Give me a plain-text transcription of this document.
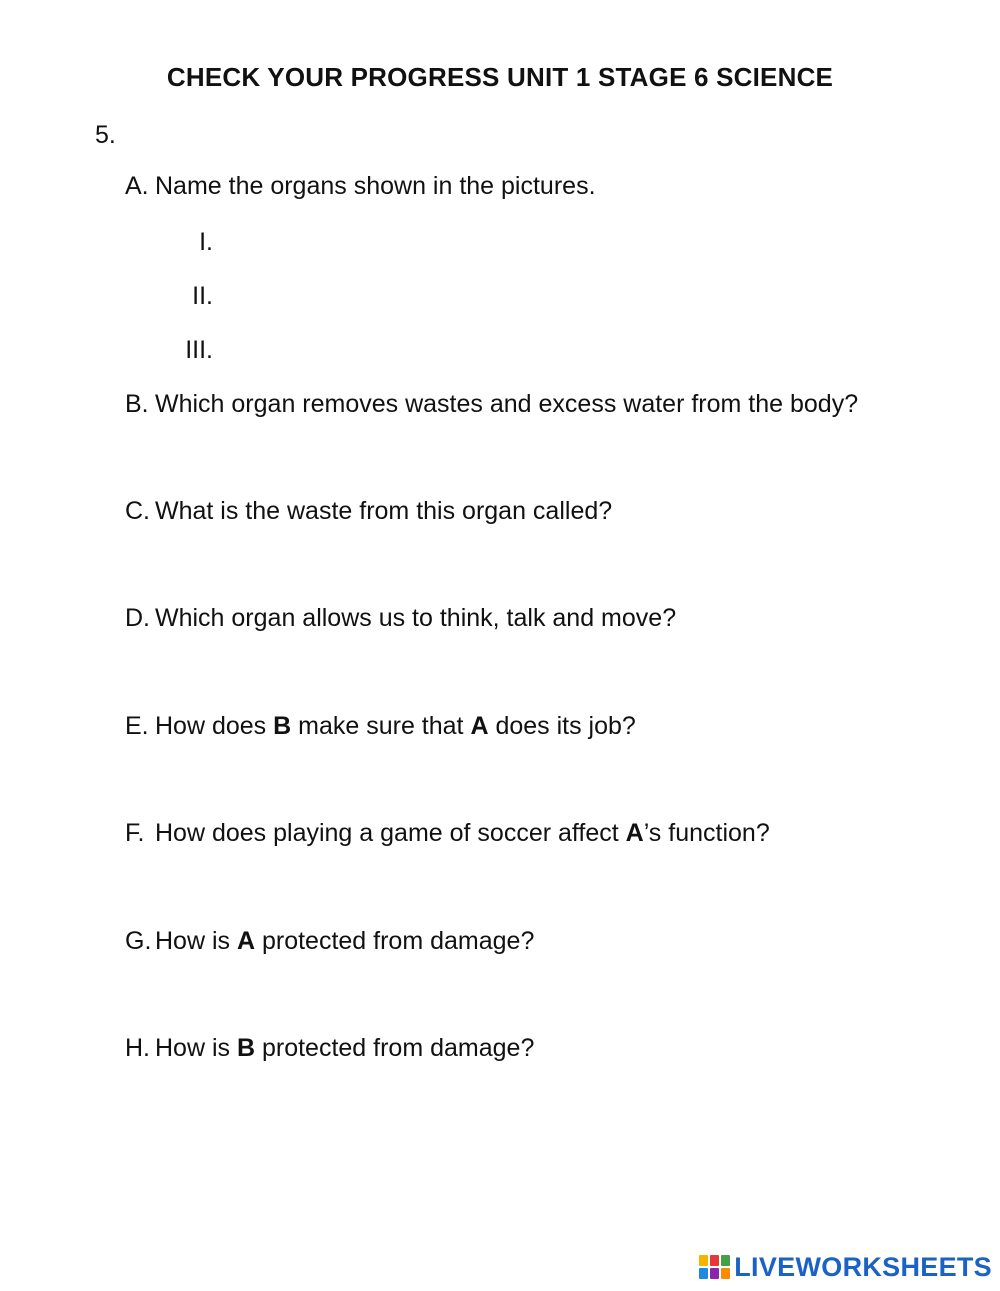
CHECK YOUR PROGRESS UNIT 1 STAGE 6 SCIENCE
5.
A. Name the organs shown in the pictures.
I.
II.
III.
B. Which organ removes wastes and excess water from the body?
C. What is the waste from this organ called?
D. Which organ allows us to think, talk and move?
E. How does B make sure that A does its job?
F. How does playing a game of soccer affect A’s function?
G. How is A protected from damage?
H. How is B protected from damage?
LIVEWORKSHEETS
